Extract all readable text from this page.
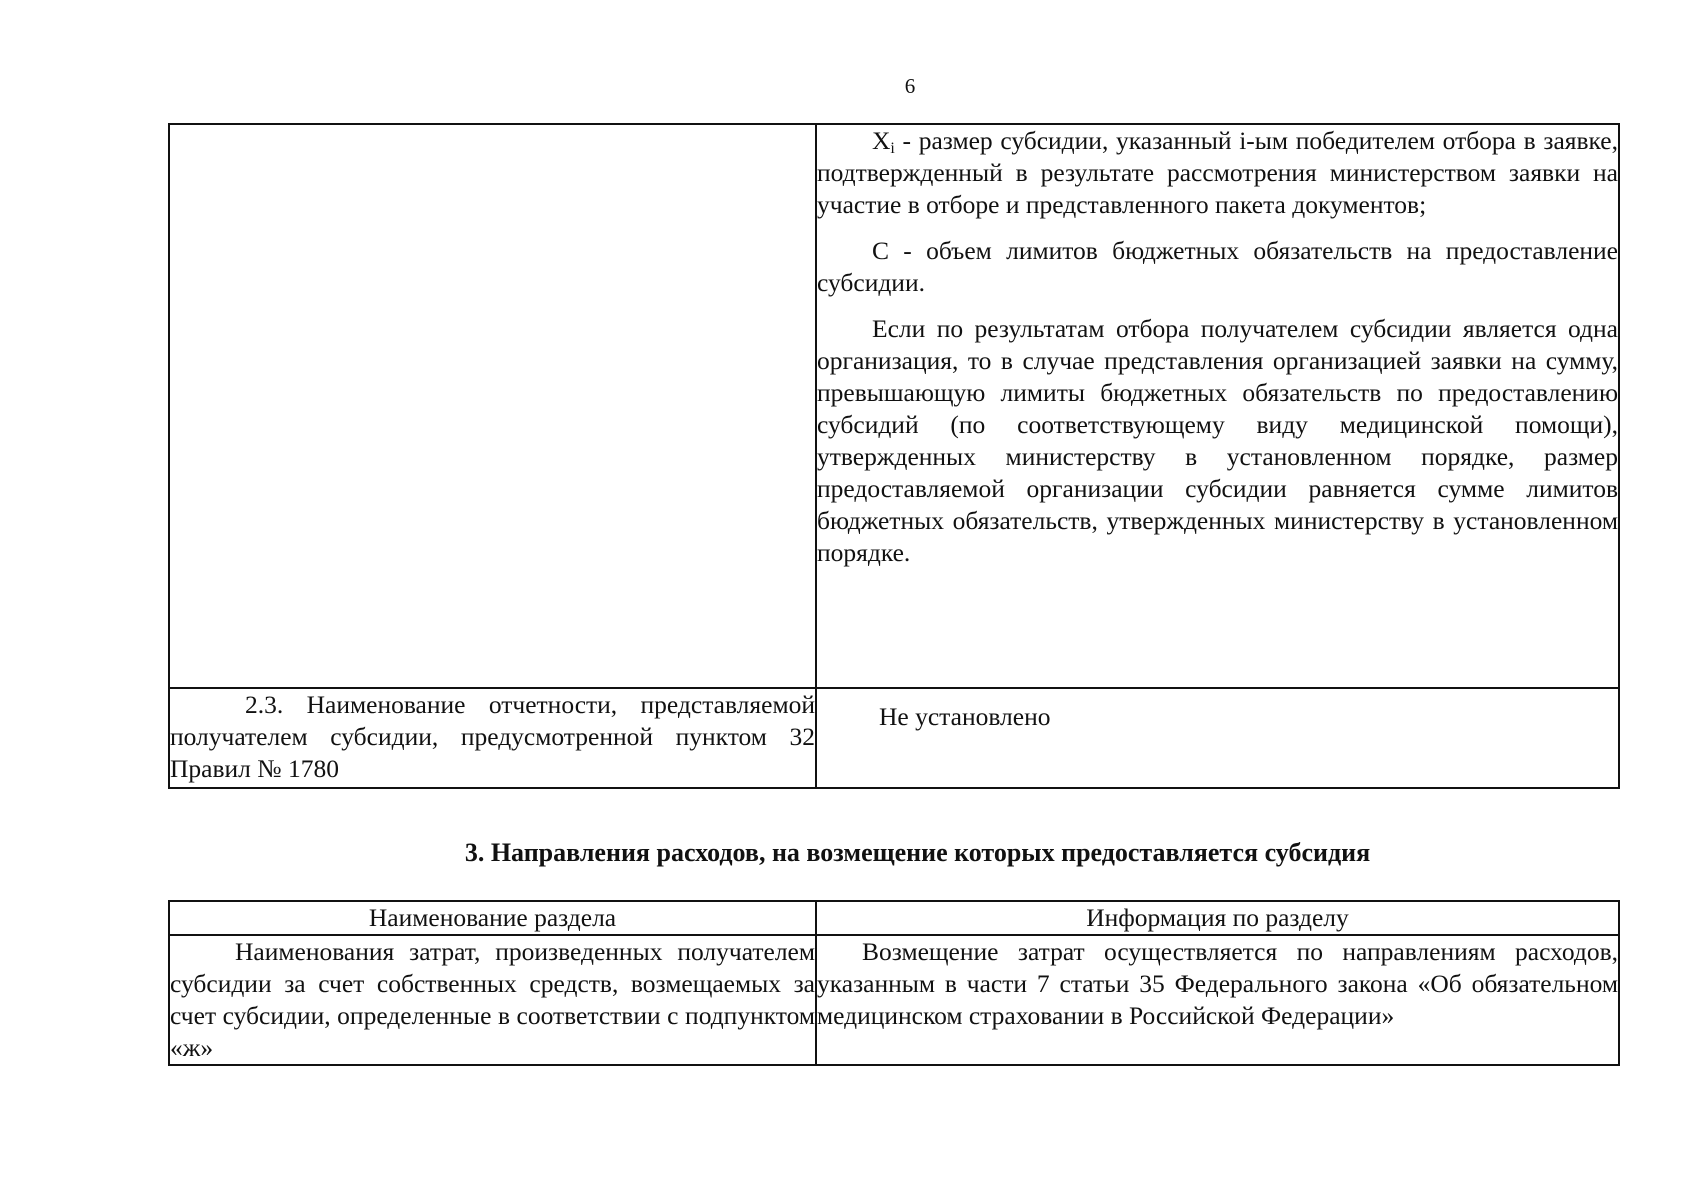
6

	$X_i$ - размер субсидии, указанный i-ым победителем отбора в заявке, подтвержденный в результате рассмотрения министерством заявки на участие в отборе и представленного пакета документов;

С - объем лимитов бюджетных обязательств на предоставление субсидии.

Если по результатам отбора получателем субсидии является одна организация, то в случае представления организацией заявки на сумму, превышающую лимиты бюджетных обязательств по предоставлению субсидий (по соответствующему виду медицинской помощи), утвержденных министерству в установленном порядке, размер предоставляемой организации субсидии равняется сумме лимитов бюджетных обязательств, утвержденных министерству в установленном порядке.

2.3. Наименование отчетности, представляемой получателем субсидии, предусмотренной пунктом 32 Правил № 1780	Не установлено
3. Направления расходов, на возмещение которых предоставляется субсидия
Наименование раздела	Информация по разделу

Наименования затрат, произведенных получателем субсидии за счет собственных средств, возмещаемых за счет субсидии, определенные в соответствии с подпунктом «ж»	Возмещение затрат осуществляется по направлениям расходов, указанным в части 7 статьи 35 Федерального закона «Об обязательном медицинском страховании в Российской Федерации»
